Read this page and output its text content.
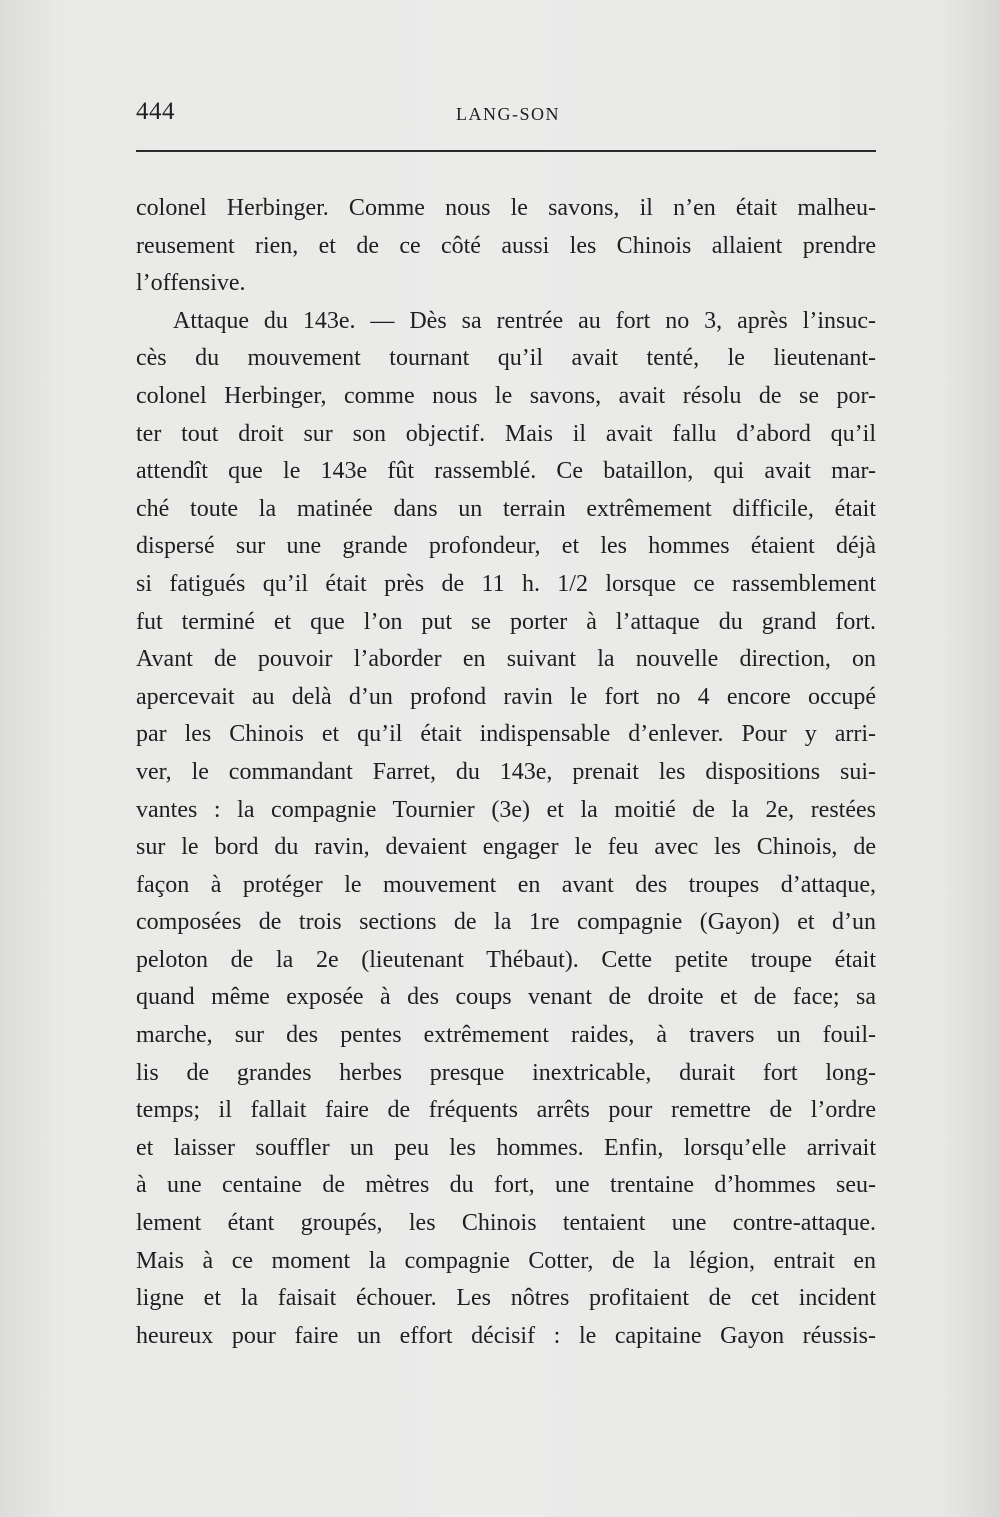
444	LANG-SON
colonel Herbinger. Comme nous le savons, il n’en était malheu-
reusement rien, et de ce côté aussi les Chinois allaient prendre
l’offensive.
Attaque du 143e. — Dès sa rentrée au fort no 3, après l’insuc-
cès du mouvement tournant qu’il avait tenté, le lieutenant-
colonel Herbinger, comme nous le savons, avait résolu de se por-
ter tout droit sur son objectif. Mais il avait fallu d’abord qu’il
attendît que le 143e fût rassemblé. Ce bataillon, qui avait mar-
ché toute la matinée dans un terrain extrêmement difficile, était
dispersé sur une grande profondeur, et les hommes étaient déjà
si fatigués qu’il était près de 11 h. 1/2 lorsque ce rassemblement
fut terminé et que l’on put se porter à l’attaque du grand fort.
Avant de pouvoir l’aborder en suivant la nouvelle direction, on
apercevait au delà d’un profond ravin le fort no 4 encore occupé
par les Chinois et qu’il était indispensable d’enlever. Pour y arri-
ver, le commandant Farret, du 143e, prenait les dispositions sui-
vantes : la compagnie Tournier (3e) et la moitié de la 2e, restées
sur le bord du ravin, devaient engager le feu avec les Chinois, de
façon à protéger le mouvement en avant des troupes d’attaque,
composées de trois sections de la 1re compagnie (Gayon) et d’un
peloton de la 2e (lieutenant Thébaut). Cette petite troupe était
quand même exposée à des coups venant de droite et de face; sa
marche, sur des pentes extrêmement raides, à travers un fouil-
lis de grandes herbes presque inextricable, durait fort long-
temps; il fallait faire de fréquents arrêts pour remettre de l’ordre
et laisser souffler un peu les hommes. Enfin, lorsqu’elle arrivait
à une centaine de mètres du fort, une trentaine d’hommes seu-
lement étant groupés, les Chinois tentaient une contre-attaque.
Mais à ce moment la compagnie Cotter, de la légion, entrait en
ligne et la faisait échouer. Les nôtres profitaient de cet incident
heureux pour faire un effort décisif : le capitaine Gayon réussis-
